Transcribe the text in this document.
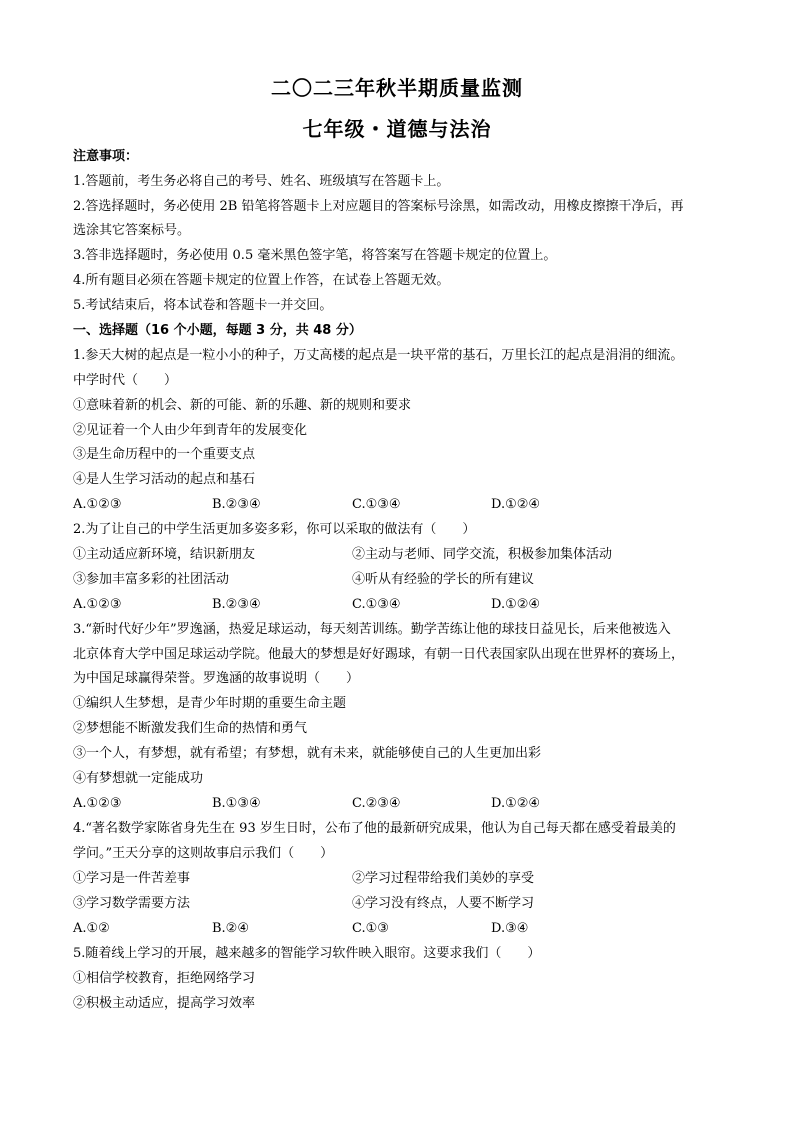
二〇二三年秋半期质量监测
七年级・道德与法治
注意事项：
1.答题前，考生务必将自己的考号、姓名、班级填写在答题卡上。
2.答选择题时，务必使用 2B 铅笔将答题卡上对应题目的答案标号涂黑，如需改动，用橡皮擦擦干净后，再
选涂其它答案标号。
3.答非选择题时，务必使用 0.5 毫米黑色签字笔，将答案写在答题卡规定的位置上。
4.所有题目必须在答题卡规定的位置上作答，在试卷上答题无效。
5.考试结束后，将本试卷和答题卡一并交回。
一、选择题（16 个小题，每题 3 分，共 48 分）
1.参天大树的起点是一粒小小的种子，万丈高楼的起点是一块平常的基石，万里长江的起点是涓涓的细流。
中学时代（　　）
①意味着新的机会、新的可能、新的乐趣、新的规则和要求
②见证着一个人由少年到青年的发展变化
③是生命历程中的一个重要支点
④是人生学习活动的起点和基石
A.①②③	B.②③④	C.①③④	D.①②④
2.为了让自己的中学生活更加多姿多彩，你可以采取的做法有（　　）
①主动适应新环境，结识新朋友	②主动与老师、同学交流，积极参加集体活动
③参加丰富多彩的社团活动	④听从有经验的学长的所有建议
A.①②③	B.②③④	C.①③④	D.①②④
3.“新时代好少年”罗逸涵，热爱足球运动，每天刻苦训练。勤学苦练让他的球技日益见长，后来他被选入
北京体育大学中国足球运动学院。他最大的梦想是好好踢球，有朝一日代表国家队出现在世界杯的赛场上，
为中国足球赢得荣誉。罗逸涵的故事说明（　　）
①编织人生梦想，是青少年时期的重要生命主题
②梦想能不断激发我们生命的热情和勇气
③一个人，有梦想，就有希望；有梦想，就有未来，就能够使自己的人生更加出彩
④有梦想就一定能成功
A.①②③	B.①③④	C.②③④	D.①②④
4.“著名数学家陈省身先生在 93 岁生日时，公布了他的最新研究成果，他认为自己每天都在感受着最美的
学问。”王天分享的这则故事启示我们（　　）
①学习是一件苦差事	②学习过程带给我们美妙的享受
③学习数学需要方法	④学习没有终点，人要不断学习
A.①②	B.②④	C.①③	D.③④
5.随着线上学习的开展，越来越多的智能学习软件映入眼帘。这要求我们（　　）
①相信学校教育，拒绝网络学习
②积极主动适应，提高学习效率
